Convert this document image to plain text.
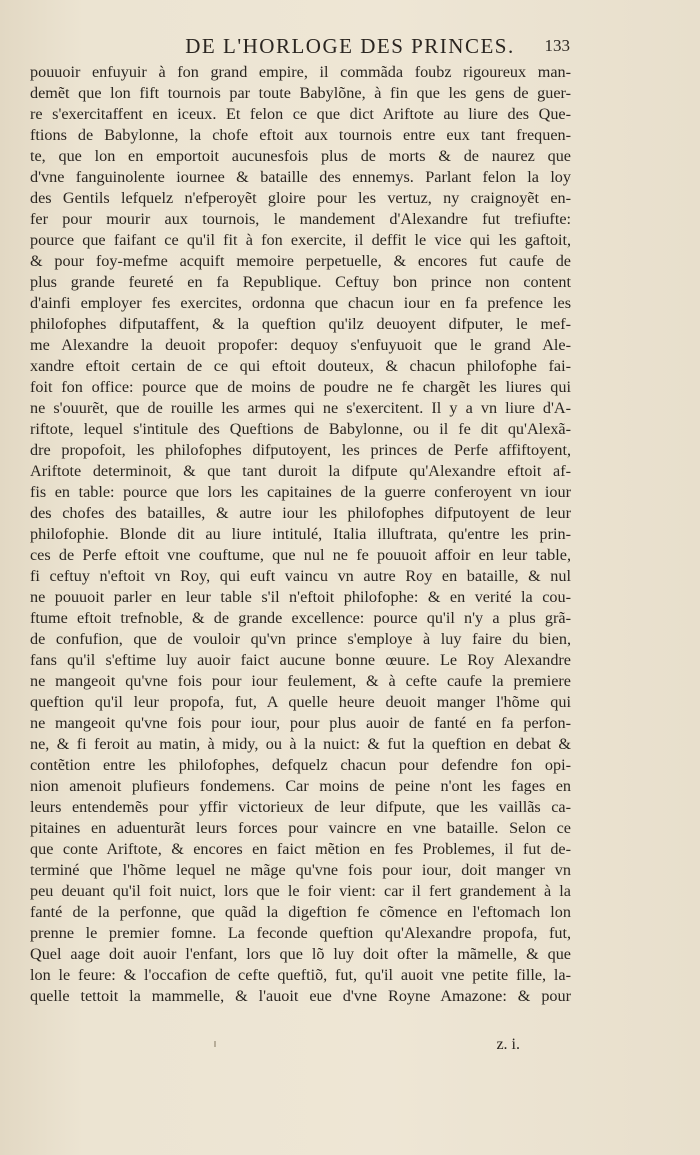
DE L'HORLOGE DES PRINCES.	133
pouuoir enfuyuir à fon grand empire, il commãda foubz rigoureux man-
demẽt que lon fift tournois par toute Babylõne, à fin que les gens de guer-
re s'exercitaffent en iceux. Et felon ce que dict Ariftote au liure des Que-
ftions de Babylonne, la chofe eftoit aux tournois entre eux tant frequen-
te, que lon en emportoit aucunesfois plus de morts & de naurez que
d'vne fanguinolente iournee & bataille des ennemys. Parlant felon la loy
des Gentils lefquelz n'efperoyẽt gloire pour les vertuz, ny craignoyẽt en-
fer pour mourir aux tournois, le mandement d'Alexandre fut trefiufte:
pource que faifant ce qu'il fit à fon exercite, il deffit le vice qui les gaftoit,
& pour foy-mefme acquift memoire perpetuelle, & encores fut caufe de
plus grande feureté en fa Republique. Ceftuy bon prince non content
d'ainfi employer fes exercites, ordonna que chacun iour en fa prefence les
philofophes difputaffent, & la queftion qu'ilz deuoyent difputer, le mef-
me Alexandre la deuoit propofer: dequoy s'enfuyuoit que le grand Ale-
xandre eftoit certain de ce qui eftoit douteux, & chacun philofophe fai-
foit fon office: pource que de moins de poudre ne fe chargẽt les liures qui
ne s'ouurẽt, que de rouille les armes qui ne s'exercitent. Il y a vn liure d'A-
riftote, lequel s'intitule des Queftions de Babylonne, ou il fe dit qu'Alexã-
dre propofoit, les philofophes difputoyent, les princes de Perfe affiftoyent,
Ariftote determinoit, & que tant duroit la difpute qu'Alexandre eftoit af-
fis en table: pource que lors les capitaines de la guerre conferoyent vn iour
des chofes des batailles, & autre iour les philofophes difputoyent de leur
philofophie. Blonde dit au liure intitulé, Italia illuftrata, qu'entre les prin-
ces de Perfe eftoit vne couftume, que nul ne fe pouuoit affoir en leur table,
fi ceftuy n'eftoit vn Roy, qui euft vaincu vn autre Roy en bataille, & nul
ne pouuoit parler en leur table s'il n'eftoit philofophe: & en verité la cou-
ftume eftoit trefnoble, & de grande excellence: pource qu'il n'y a plus grã-
de confufion, que de vouloir qu'vn prince s'employe à luy faire du bien,
fans qu'il s'eftime luy auoir faict aucune bonne œuure. Le Roy Alexandre
ne mangeoit qu'vne fois pour iour feulement, & à cefte caufe la premiere
queftion qu'il leur propofa, fut, A quelle heure deuoit manger l'hõme qui
ne mangeoit qu'vne fois pour iour, pour plus auoir de fanté en fa perfon-
ne, & fi feroit au matin, à midy, ou à la nuict: & fut la queftion en debat &
contẽtion entre les philofophes, defquelz chacun pour defendre fon opi-
nion amenoit plufieurs fondemens. Car moins de peine n'ont les fages en
leurs entendemẽs pour yffir victorieux de leur difpute, que les vaillãs ca-
pitaines en aduenturãt leurs forces pour vaincre en vne bataille. Selon ce
que conte Ariftote, & encores en faict mẽtion en fes Problemes, il fut de-
terminé que l'hõme lequel ne mãge qu'vne fois pour iour, doit manger vn
peu deuant qu'il foit nuict, lors que le foir vient: car il fert grandement à la
fanté de la perfonne, que quãd la digeftion fe cõmence en l'eftomach lon
prenne le premier fomne. La feconde queftion qu'Alexandre propofa, fut,
Quel aage doit auoir l'enfant, lors que lõ luy doit ofter la mãmelle, & que
lon le feure: & l'occafion de cefte queftiõ, fut, qu'il auoit vne petite fille, la-
quelle tettoit la mammelle, & l'auoit eue d'vne Royne Amazone: & pour
z. i.
